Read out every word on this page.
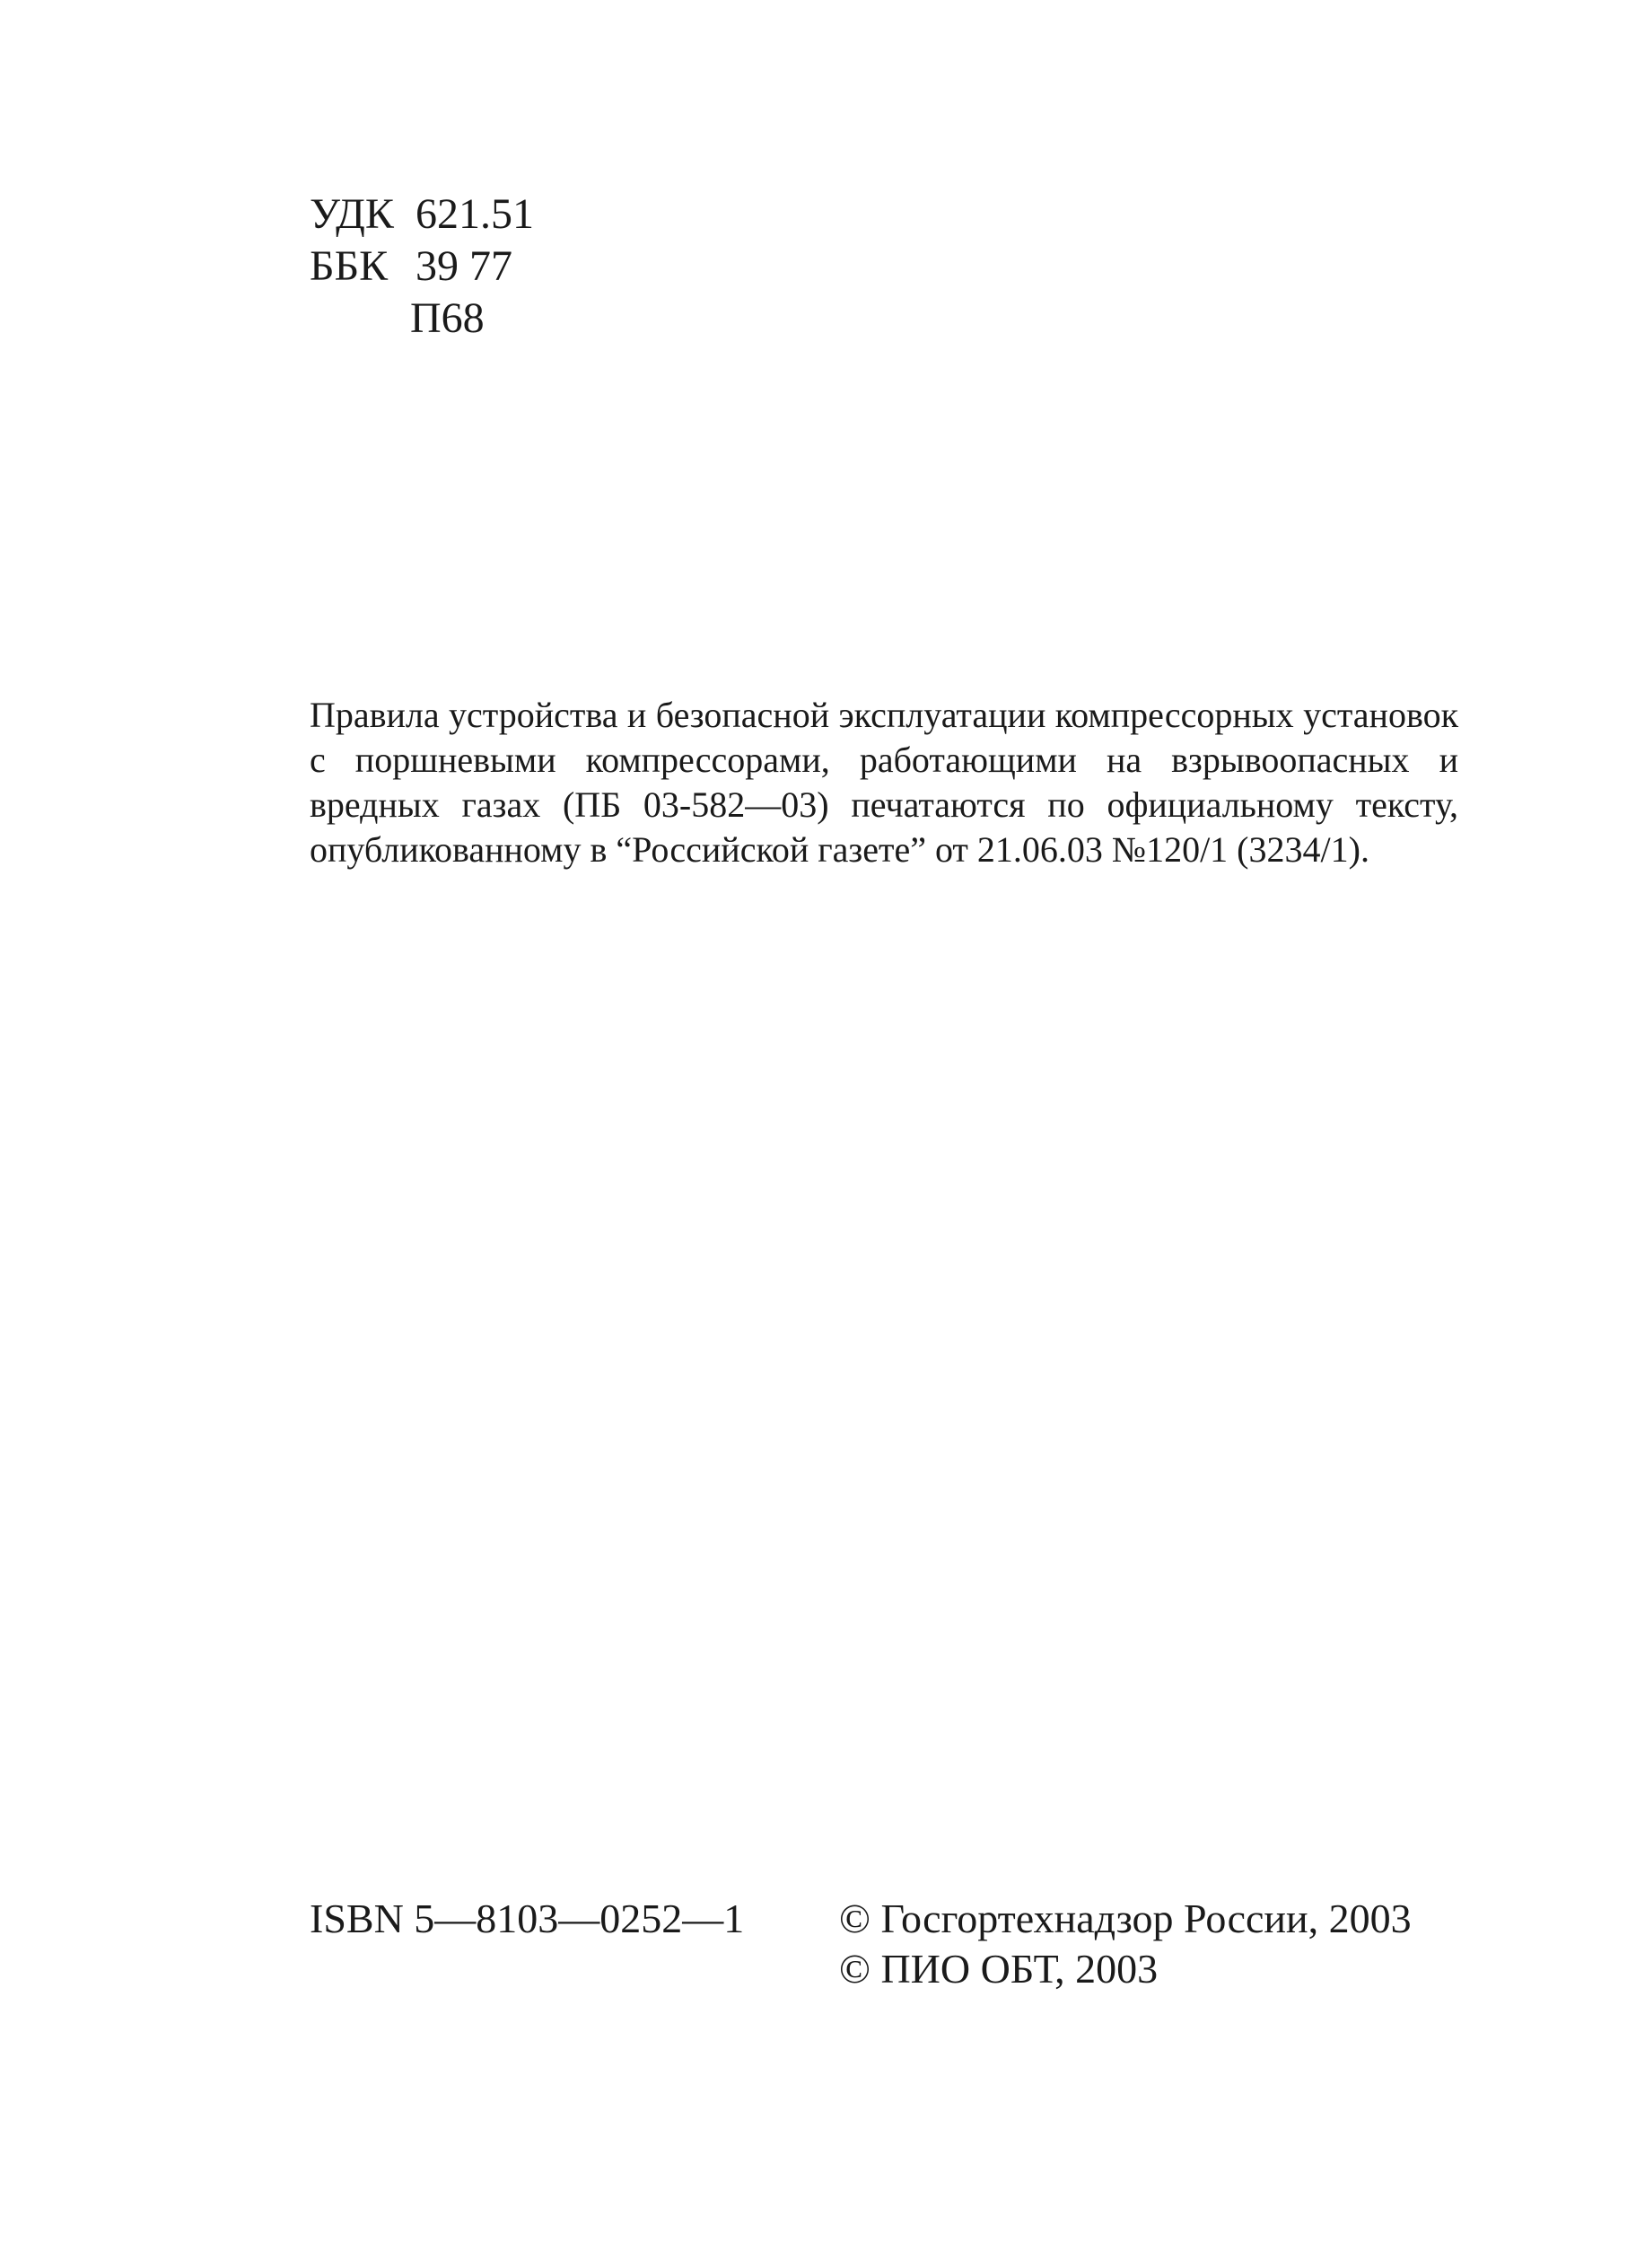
УДК 621.51
ББК 39 77
П68

Правила устройства и безопасной эксплуатации компрессорных установок с поршневыми компрессорами, работающими на взрывоопасных и вредных газах (ПБ 03-582—03) печатаются по официальному тексту, опубликованному в “Российской газете” от 21.06.03 №120/1 (3234/1).

ISBN 5—8103—0252—1 © Госгортехнадзор России, 2003
© ПИО ОБТ, 2003
